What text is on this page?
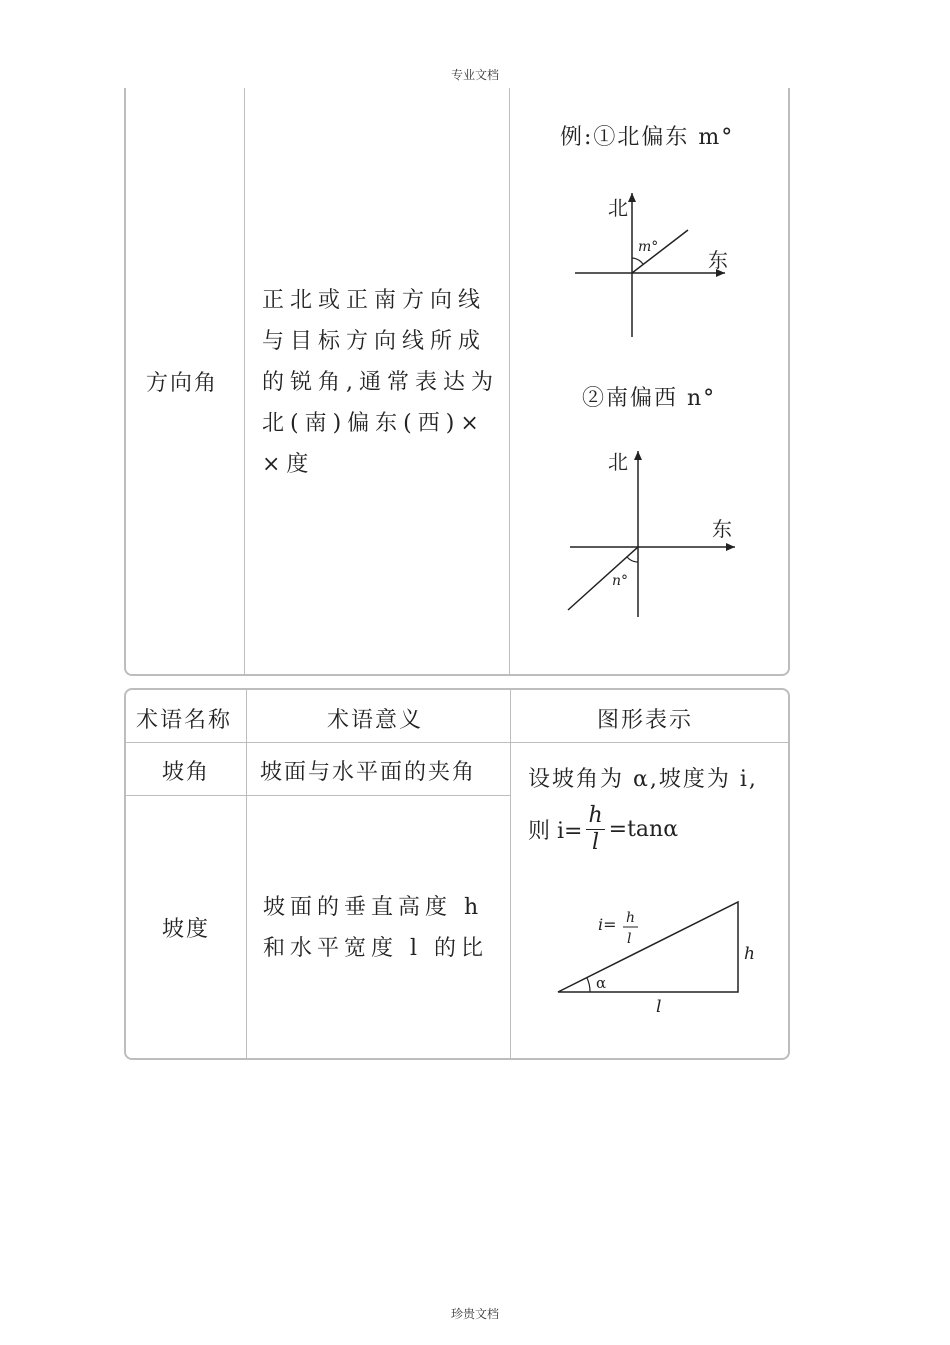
专业文档
方向角
正北或正南方向线
与目标方向线所成
的锐角,通常表达为
北(南)偏东(西)×
×度
例:①北偏东 m°
北
东
m°
②南偏西 n°
北
东
n°
术语名称	术语意义	图形表示
坡角 坡面与水平面的夹角
坡度
坡面的垂直高度 h
和水平宽度 l 的比
设坡角为 α,坡度为 i,
则 $i= \frac{h}{l} =\tan\alpha$
i= h
l
α
h
l
珍贵文档
